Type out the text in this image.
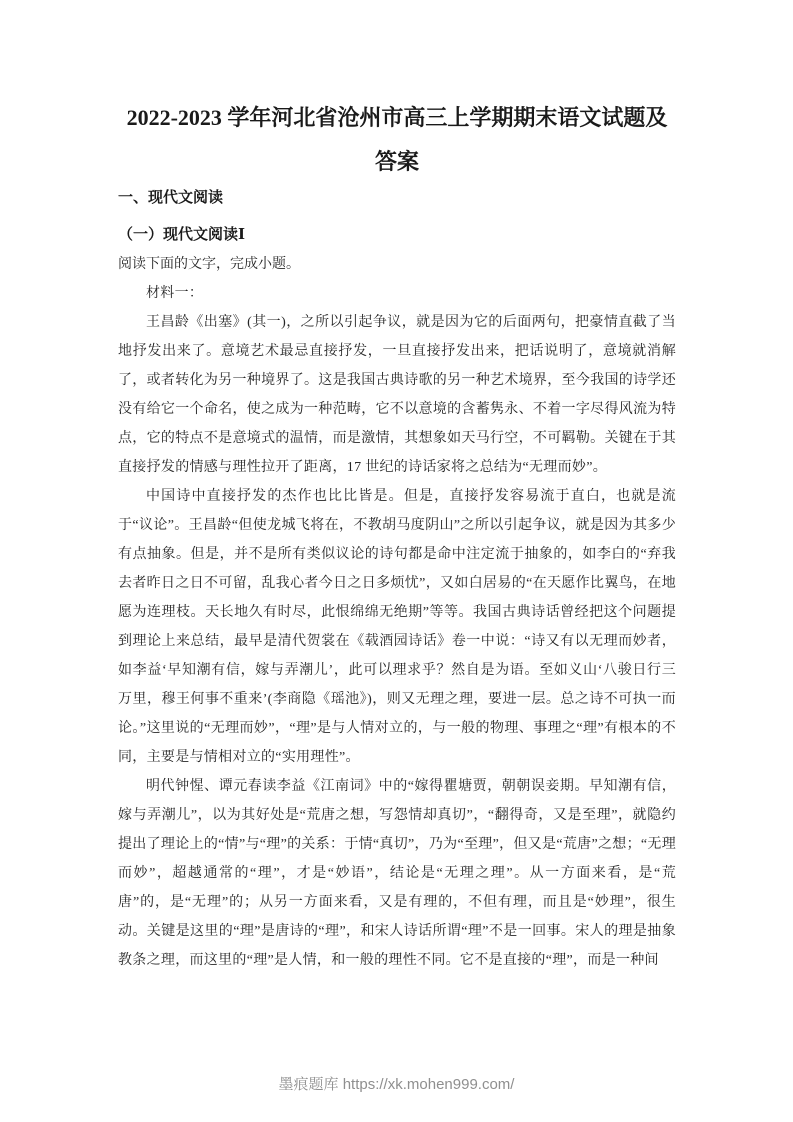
2022-2023 学年河北省沧州市高三上学期期末语文试题及答案
一、现代文阅读
（一）现代文阅读Ⅰ

阅读下面的文字，完成小题。

材料一：

王昌龄《出塞》(其一)，之所以引起争议，就是因为它的后面两句，把豪情直截了当地抒发出来了。意境艺术最忌直接抒发，一旦直接抒发出来，把话说明了，意境就消解了，或者转化为另一种境界了。这是我国古典诗歌的另一种艺术境界，至今我国的诗学还没有给它一个命名，使之成为一种范畴，它不以意境的含蓄隽永、不着一字尽得风流为特点，它的特点不是意境式的温情，而是激情，其想象如天马行空，不可羁勒。关键在于其直接抒发的情感与理性拉开了距离，17 世纪的诗话家将之总结为“无理而妙”。

中国诗中直接抒发的杰作也比比皆是。但是，直接抒发容易流于直白，也就是流于“议论”。王昌龄“但使龙城飞将在，不教胡马度阴山”之所以引起争议，就是因为其多少有点抽象。但是，并不是所有类似议论的诗句都是命中注定流于抽象的，如李白的“弃我去者昨日之日不可留，乱我心者今日之日多烦忧”，又如白居易的“在天愿作比翼鸟，在地愿为连理枝。天长地久有时尽，此恨绵绵无绝期”等等。我国古典诗话曾经把这个问题提到理论上来总结，最早是清代贺裳在《载酒园诗话》卷一中说：“诗又有以无理而妙者，如李益‘早知潮有信，嫁与弄潮儿’，此可以理求乎？然自是为语。至如义山‘八骏日行三万里，穆王何事不重来’(李商隐《瑶池》)，则又无理之理，要进一层。总之诗不可执一而论。”这里说的“无理而妙”，“理”是与人情对立的，与一般的物理、事理之“理”有根本的不同，主要是与情相对立的“实用理性”。

明代钟惺、谭元春读李益《江南词》中的“嫁得瞿塘贾，朝朝误妾期。早知潮有信，嫁与弄潮儿”，以为其好处是“荒唐之想，写怨情却真切”，“翻得奇，又是至理”，就隐约提出了理论上的“情”与“理”的关系：于情“真切”，乃为“至理”，但又是“荒唐”之想；“无理而妙”，超越通常的“理”，才是“妙语”，结论是“无理之理”。从一方面来看，是“荒唐”的，是“无理”的；从另一方面来看，又是有理的，不但有理，而且是“妙理”，很生动。关键是这里的“理”是唐诗的“理”，和宋人诗话所谓“理”不是一回事。宋人的理是抽象教条之理，而这里的“理”是人情，和一般的理性不同。它不是直接的“理”，而是一种间

墨痕题库 https://xk.mohen999.com/
